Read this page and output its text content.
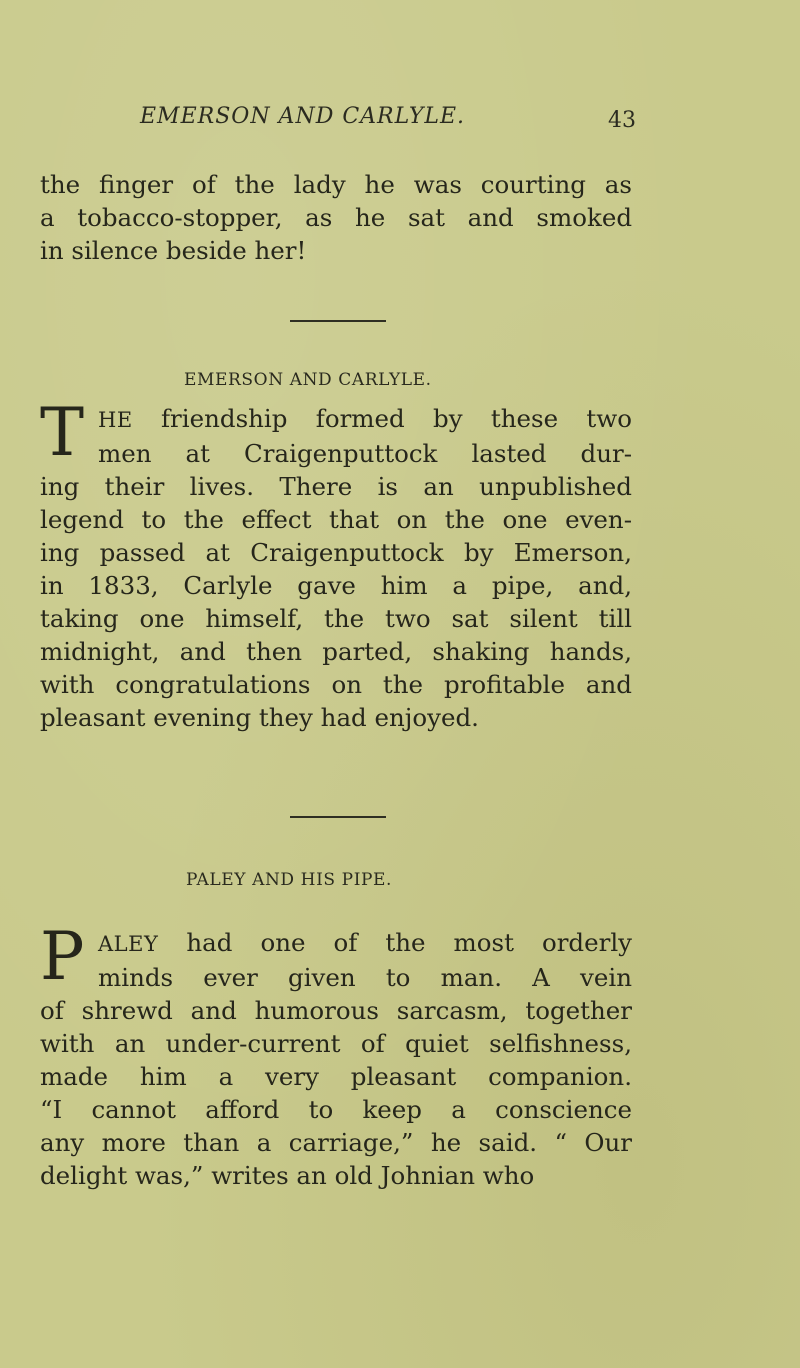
EMERSON AND CARLYLE.	43
the finger of the lady he was courting as
a tobacco-stopper, as he sat and smoked
in silence beside her!
EMERSON AND CARLYLE.
T HE friendship formed by these two
men at Craigenputtock lasted dur-
ing their lives. There is an unpublished
legend to the effect that on the one even-
ing passed at Craigenputtock by Emerson,
in 1833, Carlyle gave him a pipe, and,
taking one himself, the two sat silent till
midnight, and then parted, shaking hands,
with congratulations on the profitable and
pleasant evening they had enjoyed.
PALEY AND HIS PIPE.
P ALEY had one of the most orderly
minds ever given to man. A vein
of shrewd and humorous sarcasm, together
with an under-current of quiet selfishness,
made him a very pleasant companion.
“I cannot afford to keep a conscience
any more than a carriage,” he said. “ Our
delight was,” writes an old Johnian who
